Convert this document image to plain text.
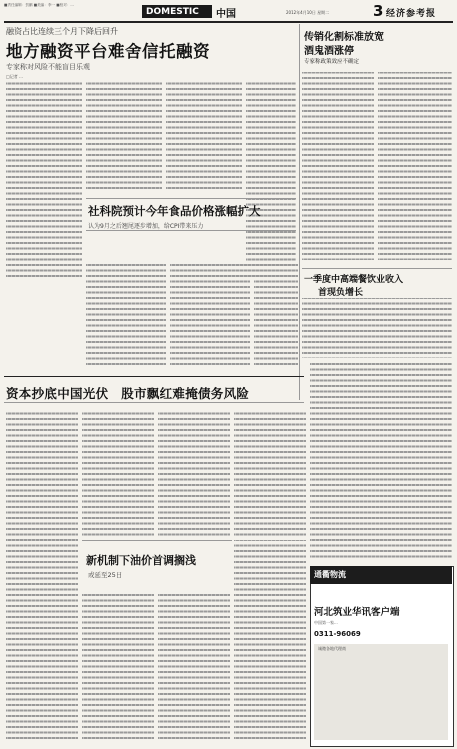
■责任编辑：贺鹏 ■美编：李一 ■校对：...
DOMESTIC 中国	2012年4月10日 星期二	3 经济参考报
融资占比连续三个月下降后回升
地方融资平台难舍信托融资
专家称对风险不能盲目乐观
□记者 ...

传销化割标准放宽
酒鬼酒涨停
专家称政策效应不确定
社科院预计今年食品价格涨幅扩大
认为9月之后翘尾逐步增加，给CPI带来压力
一季度中高端餐饮业收入
首现负增长
资本抄底中国光伏　股市飘红难掩债务风险
新机制下油价首调搁浅
或延至25日	通衢物流
河北筑业华讯客户端
中国第一家...
0311-96069
诚邀各地代理商
